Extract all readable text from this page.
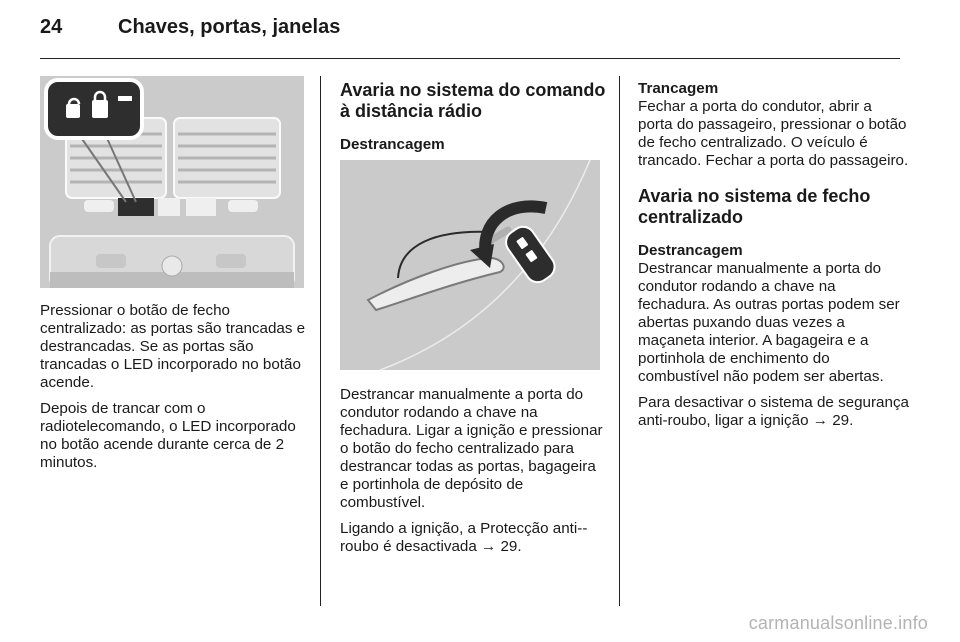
24	Chaves, portas, janelas

Pressionar o botão de fecho centralizado: as portas são trancadas e destrancadas. Se as portas são trancadas o LED incorporado no botão acende.

Depois de trancar com o radiotelecomando, o LED incorporado no botão acende durante cerca de 2 minutos.

Avaria no sistema do comando à distância rádio
Destrancagem

Destrancar manualmente a porta do condutor rodando a chave na fechadura. Ligar a ignição e pressionar o botão do fecho centralizado para destrancar todas as portas, bagageira e portinhola de depósito de combustível.

Ligando a ignição, a Protecção anti--roubo é desactivada → 29.

Trancagem

Fechar a porta do condutor, abrir a porta do passageiro, pressionar o botão de fecho centralizado. O veículo é trancado. Fechar a porta do passageiro.

Avaria no sistema de fecho centralizado
Destrancagem

Destrancar manualmente a porta do condutor rodando a chave na fechadura. As outras portas podem ser abertas puxando duas vezes a maçaneta interior. A bagageira e a portinhola de enchimento do combustível não podem ser abertas.

Para desactivar o sistema de segurança anti-roubo, ligar a ignição → 29.

carmanualsonline.info
